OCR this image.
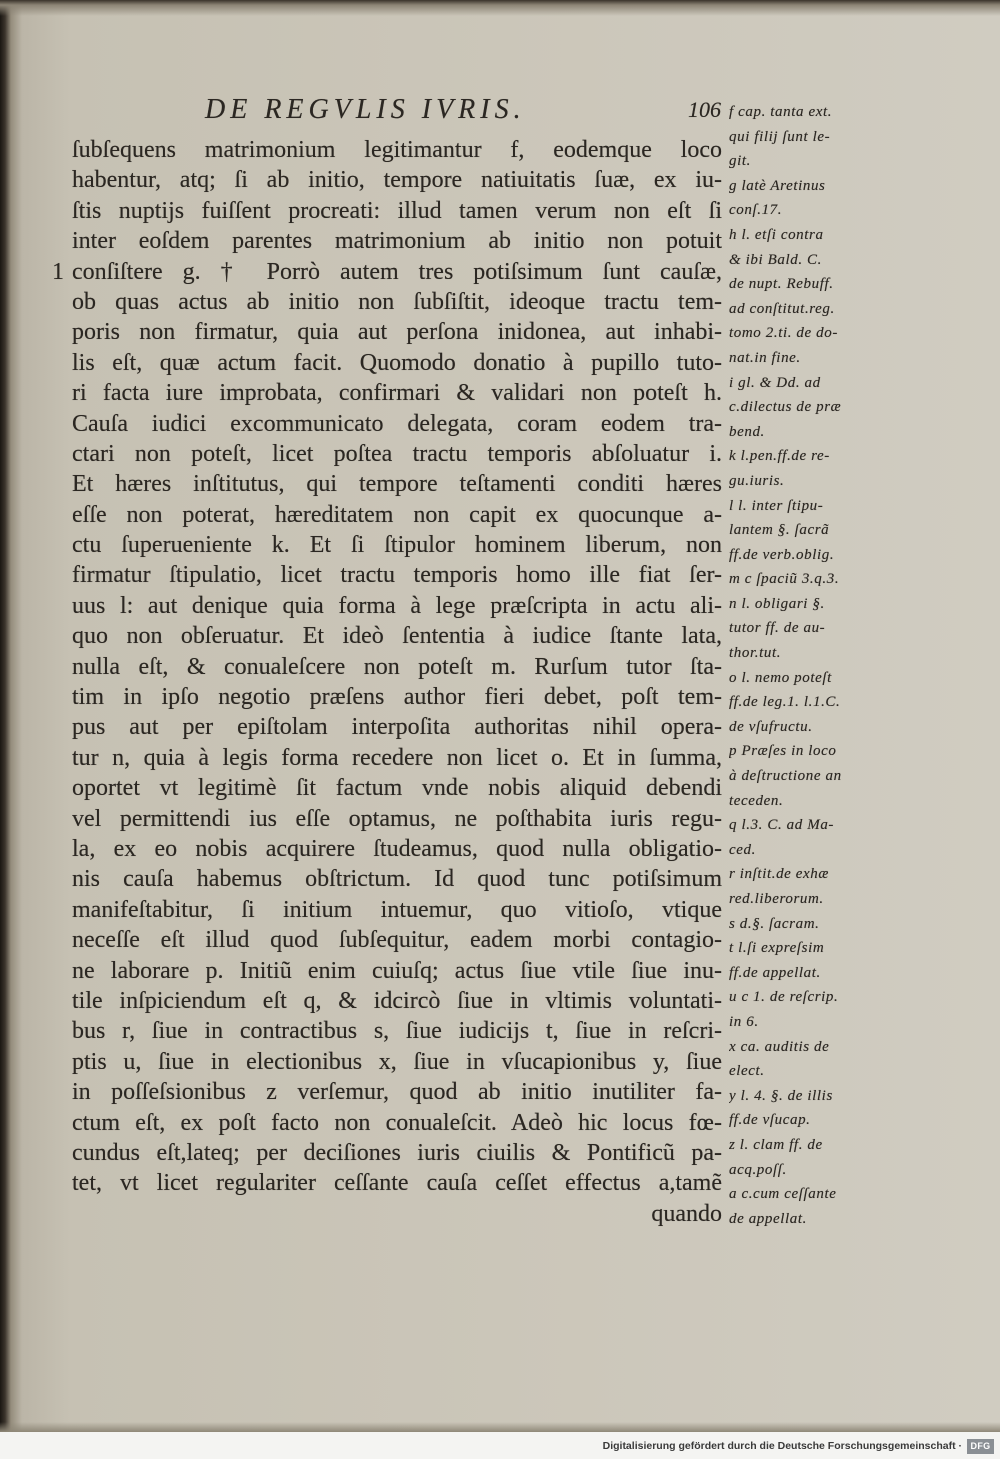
DE REGVLIS IVRIS.	106
1
ſubſequens matrimonium legitimantur f, eodemque loco
habentur, atq; ſi ab initio, tempore natiuitatis ſuæ, ex iu-
ſtis nuptijs fuiſſent procreati: illud tamen verum non eſt ſi
inter eoſdem parentes matrimonium ab initio non potuit
conſiſtere g. † Porrò autem tres potiſsimum ſunt cauſæ,
ob quas actus ab initio non ſubſiſtit, ideoque tractu tem-
poris non firmatur, quia aut perſona inidonea, aut inhabi-
lis eſt, quæ actum facit. Quomodo donatio à pupillo tuto-
ri facta iure improbata, confirmari & validari non poteſt h.
Cauſa iudici excommunicato delegata, coram eodem tra-
ctari non poteſt, licet poſtea tractu temporis abſoluatur i.
Et hæres inſtitutus, qui tempore teſtamenti conditi hæres
eſſe non poterat, hæreditatem non capit ex quocunque a-
ctu ſuperueniente k. Et ſi ſtipulor hominem liberum, non
firmatur ſtipulatio, licet tractu temporis homo ille fiat ſer-
uus l: aut denique quia forma à lege præſcripta in actu ali-
quo non obſeruatur. Et ideò ſententia à iudice ſtante lata,
nulla eſt, & conualeſcere non poteſt m. Rurſum tutor ſta-
tim in ipſo negotio præſens author fieri debet, poſt tem-
pus aut per epiſtolam interpoſita authoritas nihil opera-
tur n, quia à legis forma recedere non licet o. Et in ſumma,
oportet vt legitimè ſit factum vnde nobis aliquid debendi
vel permittendi ius eſſe optamus, ne poſthabita iuris regu-
la, ex eo nobis acquirere ſtudeamus, quod nulla obligatio-
nis cauſa habemus obſtrictum. Id quod tunc potiſsimum
manifeſtabitur, ſi initium intuemur, quo vitioſo, vtique
neceſſe eſt illud quod ſubſequitur, eadem morbi contagio-
ne laborare p. Initiũ enim cuiuſq; actus ſiue vtile ſiue inu-
tile inſpiciendum eſt q, & idcircò ſiue in vltimis voluntati-
bus r, ſiue in contractibus s, ſiue iudicijs t, ſiue in reſcri-
ptis u, ſiue in electionibus x, ſiue in vſucapionibus y, ſiue
in poſſeſsionibus z verſemur, quod ab initio inutiliter fa-
ctum eſt, ex poſt facto non conualeſcit. Adeò hic locus fœ-
cundus eſt,lateq; per deciſiones iuris ciuilis & Pontificũ pa-
tet, vt licet regulariter ceſſante cauſa ceſſet effectus a,tamẽ
quando
f cap. tanta ext.
qui filij ſunt le-
git.
g latè Aretinus
conſ.17.
h l. etſi contra
& ibi Bald. C.
de nupt. Rebuff.
ad conſtitut.reg.
tomo 2.ti. de do-
nat.in fine.
i gl. & Dd. ad
c.dilectus de præ
bend.
k l.pen.ff.de re-
gu.iuris.
l l. inter ſtipu-
lantem §. ſacrã
ff.de verb.oblig.
m c ſpaciũ 3.q.3.
n l. obligari §.
tutor ff. de au-
thor.tut.
o l. nemo poteſt
ff.de leg.1. l.1.C.
de vſufructu.
p Præſes in loco
à deſtructione an
teceden.
q l.3. C. ad Ma-
ced.
r inſtit.de exhæ
red.liberorum.
s d.§. ſacram.
t l.ſi expreſsim
ff.de appellat.
u c 1. de reſcrip.
in 6.
x ca. auditis de
elect.
y l. 4. §. de illis
ff.de vſucap.
z l. clam ff. de
acq.poſſ.
a c.cum ceſſante
de appellat.
Digitalisierung gefördert durch die Deutsche Forschungsgemeinschaft · DFG
